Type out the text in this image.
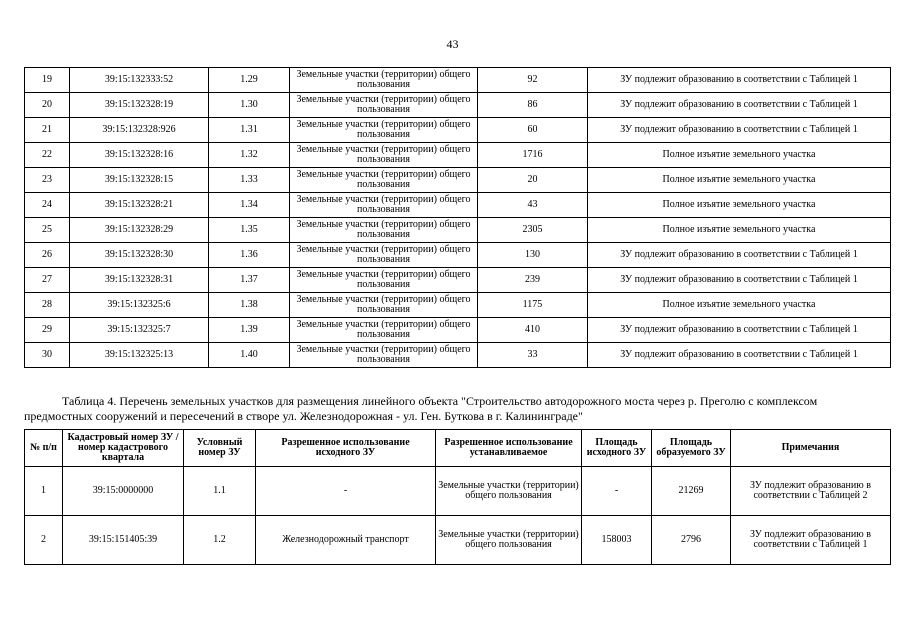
43
19	39:15:132333:52	1.29	Земельные участки (территории) общего пользования	92	ЗУ подлежит образованию в соответствии с Таблицей 1
20	39:15:132328:19	1.30	Земельные участки (территории) общего пользования	86	ЗУ подлежит образованию в соответствии с Таблицей 1
21	39:15:132328:926	1.31	Земельные участки (территории) общего пользования	60	ЗУ подлежит образованию в соответствии с Таблицей 1
22	39:15:132328:16	1.32	Земельные участки (территории) общего пользования	1716	Полное изъятие земельного участка
23	39:15:132328:15	1.33	Земельные участки (территории) общего пользования	20	Полное изъятие земельного участка
24	39:15:132328:21	1.34	Земельные участки (территории) общего пользования	43	Полное изъятие земельного участка
25	39:15:132328:29	1.35	Земельные участки (территории) общего пользования	2305	Полное изъятие земельного участка
26	39:15:132328:30	1.36	Земельные участки (территории) общего пользования	130	ЗУ подлежит образованию в соответствии с Таблицей 1
27	39:15:132328:31	1.37	Земельные участки (территории) общего пользования	239	ЗУ подлежит образованию в соответствии с Таблицей 1
28	39:15:132325:6	1.38	Земельные участки (территории) общего пользования	1175	Полное изъятие земельного участка
29	39:15:132325:7	1.39	Земельные участки (территории) общего пользования	410	ЗУ подлежит образованию в соответствии с Таблицей 1
30	39:15:132325:13	1.40	Земельные участки (территории) общего пользования	33	ЗУ подлежит образованию в соответствии с Таблицей 1
Таблица 4. Перечень земельных участков для размещения линейного объекта "Строительство автодорожного моста через р. Преголю с комплексом
предмостных сооружений и пересечений в створе ул. Железнодорожная - ул. Ген. Буткова в г. Калининграде"
№ п/п	Кадастровый номер ЗУ /номер кадастрового квартала	Условный номер ЗУ	Разрешенное использование исходного ЗУ	Разрешенное использование устанавливаемое	Площадь исходного ЗУ	Площадь образуемого ЗУ	Примечания
1	39:15:0000000	1.1	-	Земельные участки (территории) общего пользования	-	21269	ЗУ подлежит образованию в соответствии с Таблицей 2
2	39:15:151405:39	1.2	Железнодорожный транспорт	Земельные участки (территории) общего пользования	158003	2796	ЗУ подлежит образованию в соответствии с Таблицей 1
